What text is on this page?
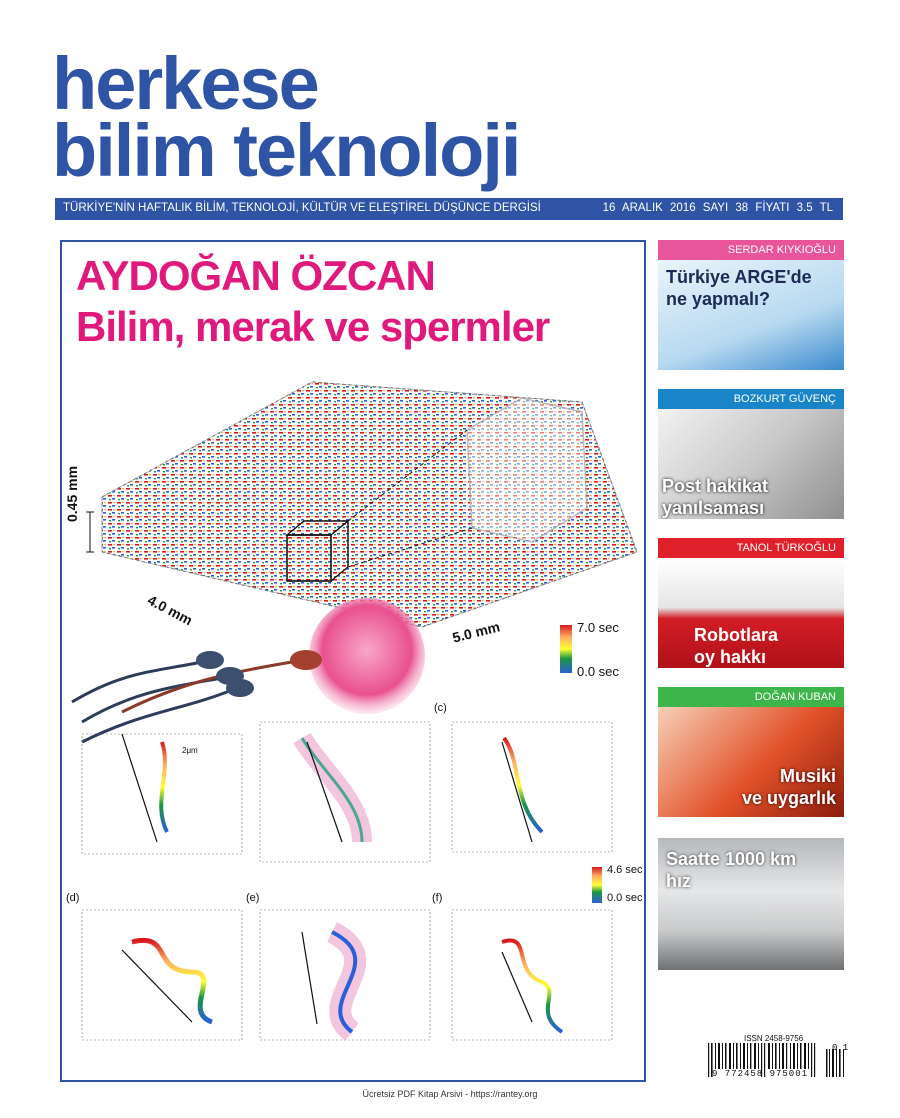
herkese
bilim teknoloji
TÜRKİYE'NİN HAFTALIK BİLİM, TEKNOLOJİ, KÜLTÜR VE ELEŞTİREL DÜŞÜNCE DERGİSİ	16 ARALIK 2016 SAYI 38 FİYATI 3.5 TL
AYDOĞAN ÖZCAN
Bilim, merak ve spermler
0.45 mm
4.0 mm
5.0 mm	7.0 sec
0.0 sec
4.6 sec
0.0 sec
(c)
(d)	(e)	(f)
2μm
SERDAR KIYKIOĞLU
Türkiye ARGE'de
ne yapmalı?
BOZKURT GÜVENÇ
Post hakikat
yanılsaması
TANOL TÜRKOĞLU
Robotlara
oy hakkı
DOĞAN KUBAN
Musiki
ve uygarlık
Saatte 1000 km
hız
ISSN 2458-9756
9 772458 975001
0 1
Ücretsiz PDF Kitap Arsivi - https://rantey.org
